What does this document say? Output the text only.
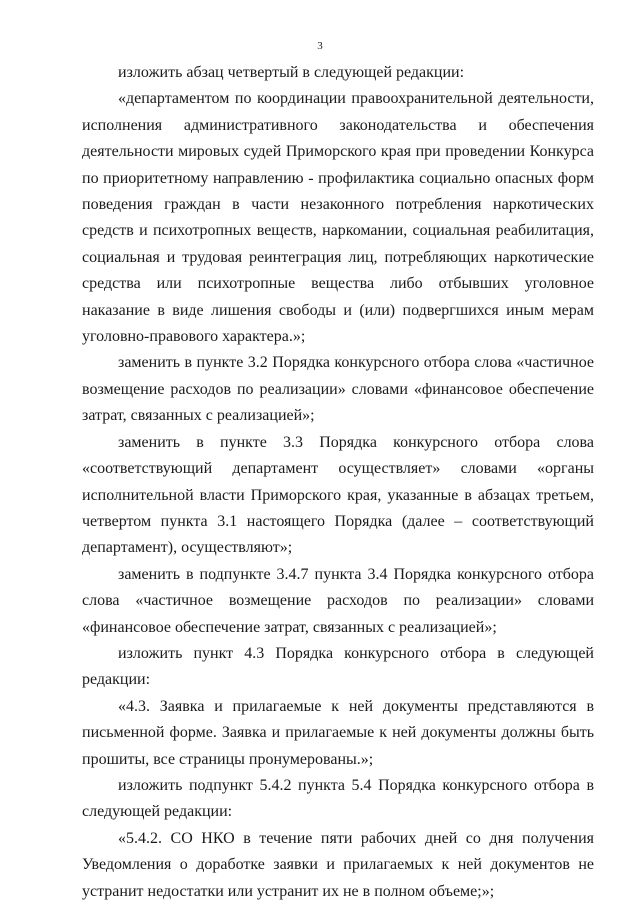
3

изложить абзац четвертый в следующей редакции:

«департаментом по координации правоохранительной деятельности, исполнения административного законодательства и обеспечения деятельности мировых судей Приморского края при проведении Конкурса по приоритетному направлению - профилактика социально опасных форм поведения граждан в части незаконного потребления наркотических средств и психотропных веществ, наркомании, социальная реабилитация, социальная и трудовая реинтеграция лиц, потребляющих наркотические средства или психотропные вещества либо отбывших уголовное наказание в виде лишения свободы и (или) подвергшихся иным мерам уголовно-правового характера.»;

заменить в пункте 3.2 Порядка конкурсного отбора слова «частичное возмещение расходов по реализации» словами «финансовое обеспечение затрат, связанных с реализацией»;

заменить в пункте 3.3 Порядка конкурсного отбора слова «соответствующий департамент осуществляет» словами «органы исполнительной власти Приморского края, указанные в абзацах третьем, четвертом пункта 3.1 настоящего Порядка (далее – соответствующий департамент), осуществляют»;

заменить в подпункте 3.4.7 пункта 3.4 Порядка конкурсного отбора слова «частичное возмещение расходов по реализации» словами «финансовое обеспечение затрат, связанных с реализацией»;

изложить пункт 4.3 Порядка конкурсного отбора в следующей редакции:

«4.3. Заявка и прилагаемые к ней документы представляются в письменной форме. Заявка и прилагаемые к ней документы должны быть прошиты, все страницы пронумерованы.»;

изложить подпункт 5.4.2 пункта 5.4 Порядка конкурсного отбора в следующей редакции:

«5.4.2. СО НКО в течение пяти рабочих дней со дня получения Уведомления о доработке заявки и прилагаемых к ней документов не устранит недостатки или устранит их не в полном объеме;»;
